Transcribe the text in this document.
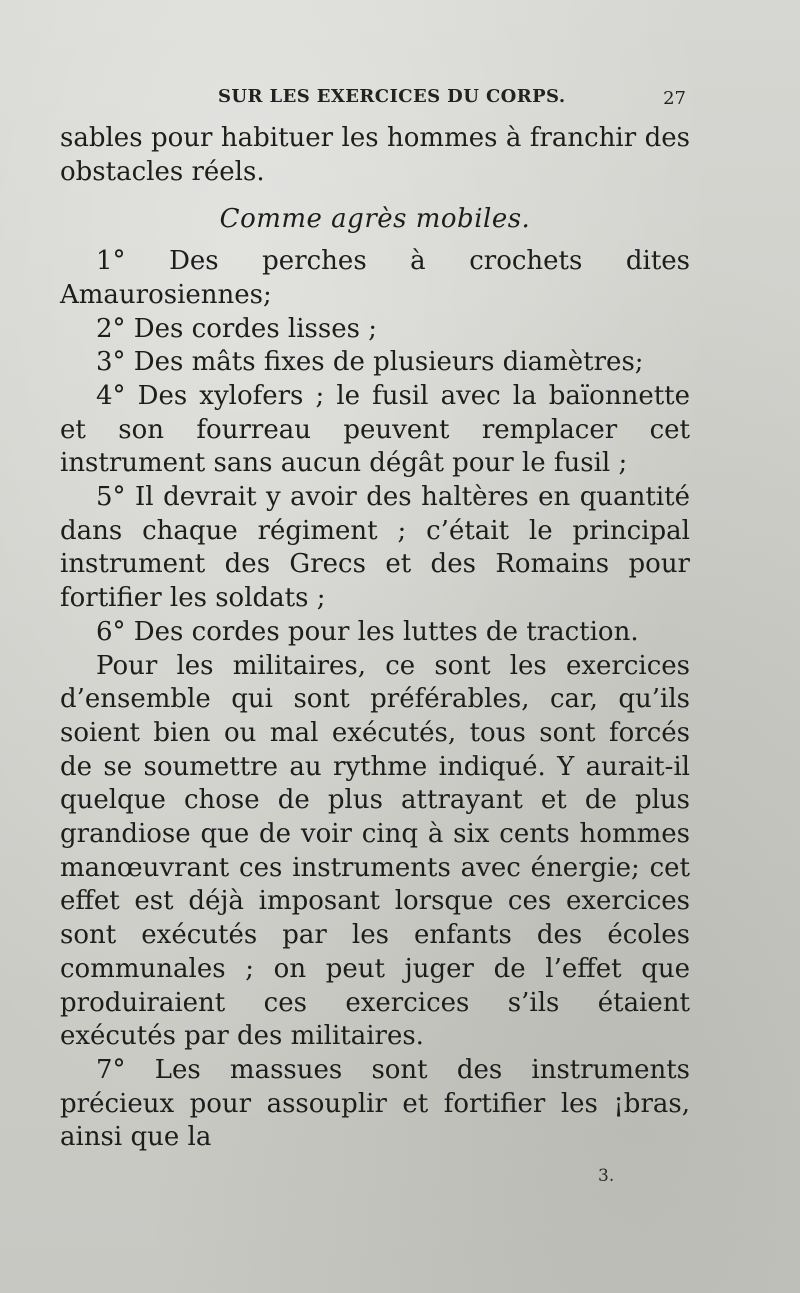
SUR LES EXERCICES DU CORPS.	27

sables pour habituer les hommes à franchir des obstacles réels.

Comme agrès mobiles.

1° Des perches à crochets dites Amaurosiennes;

2° Des cordes lisses ;

3° Des mâts fixes de plusieurs diamètres;

4° Des xylofers ; le fusil avec la baïonnette et son fourreau peuvent remplacer cet instrument sans aucun dégât pour le fusil ;

5° Il devrait y avoir des haltères en quantité dans chaque régiment ; c’était le principal instrument des Grecs et des Romains pour fortifier les soldats ;

6° Des cordes pour les luttes de traction.

Pour les militaires, ce sont les exercices d’ensemble qui sont préférables, car, qu’ils soient bien ou mal exécutés, tous sont forcés de se soumettre au rythme indiqué. Y aurait-il quelque chose de plus attrayant et de plus grandiose que de voir cinq à six cents hommes manœuvrant ces instruments avec énergie; cet effet est déjà imposant lorsque ces exercices sont exécutés par les enfants des écoles communales ; on peut juger de l’effet que produiraient ces exercices s’ils étaient exécutés par des militaires.

7° Les massues sont des instruments précieux pour assouplir et fortifier les ¡bras, ainsi que la

3.
